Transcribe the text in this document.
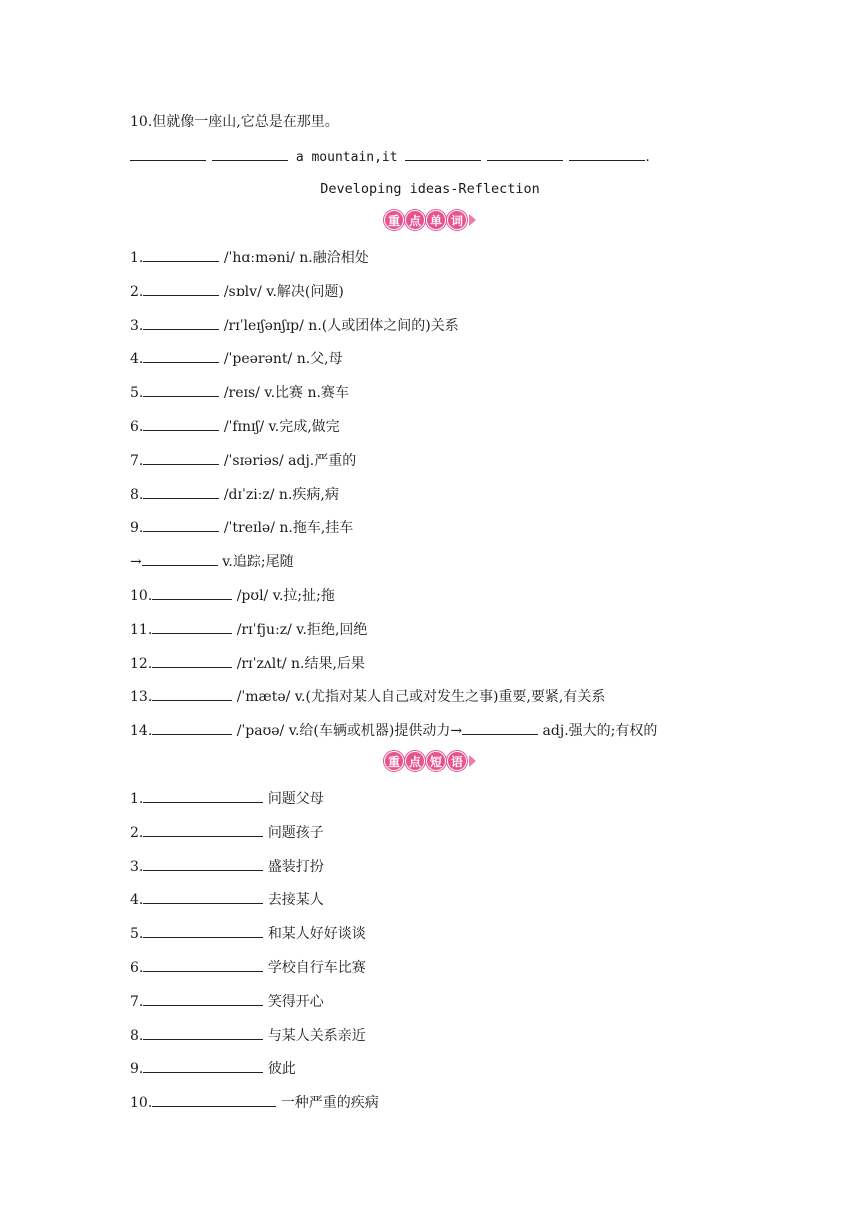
10.但就像一座山,它总是在那里。
a mountain,it	.
Developing ideas-Reflection
重 点 单 词
1.	/ˈhɑːməni/ n.融洽相处
2.	/sɒlv/ v.解决(问题)
3.	/rɪˈleɪʃənʃɪp/ n.(人或团体之间的)关系
4.	/ˈpeərənt/ n.父,母
5.	/reɪs/ v.比赛 n.赛车
6.	/ˈfɪnɪʃ/ v.完成,做完
7.	/ˈsɪəriəs/ adj.严重的
8.	/dɪˈziːz/ n.疾病,病
9.	/ˈtreɪlə/ n.拖车,挂车
→	v.追踪;尾随
10.	/pʊl/ v.拉;扯;拖
11.	/rɪˈfjuːz/ v.拒绝,回绝
12.	/rɪˈzʌlt/ n.结果,后果
13.	/ˈmætə/ v.(尤指对某人自己或对发生之事)重要,要紧,有关系
14.	/ˈpaʊə/ v.给(车辆或机器)提供动力→	adj.强大的;有权的
重 点 短 语
1.	问题父母
2.	问题孩子
3.	盛装打扮
4.	去接某人
5.	和某人好好谈谈
6.	学校自行车比赛
7.	笑得开心
8.	与某人关系亲近
9.	彼此
10.	一种严重的疾病
